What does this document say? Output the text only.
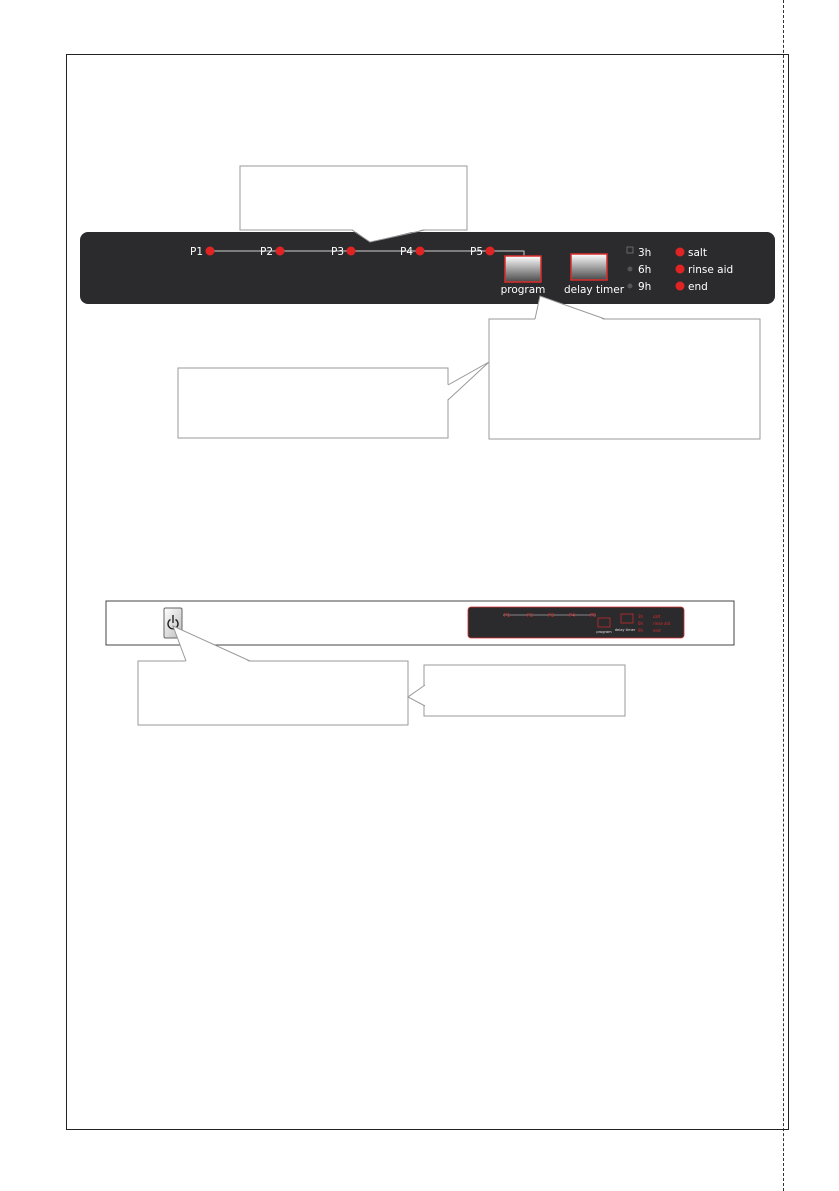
P1	P2	P3	P4	P5
program delay timer
3h
6h
9h
salt
rinse aid
end
P1	P2	P3	P4	P5
program delay timer
3h
6h
9h
salt
rinse aid
end
